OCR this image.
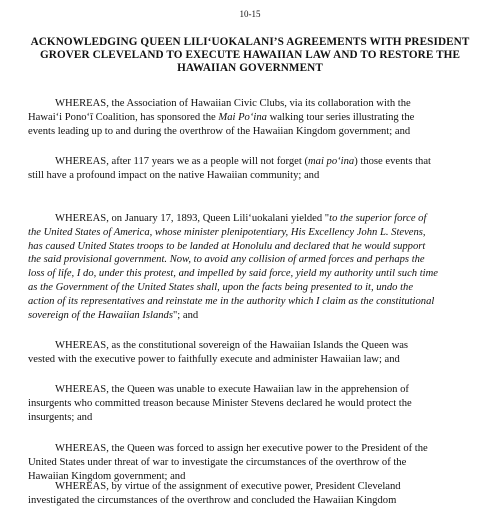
10-15
ACKNOWLEDGING QUEEN LILI‘UOKALANI’S AGREEMENTS WITH PRESIDENT
GROVER CLEVELAND TO EXECUTE HAWAIIAN LAW AND TO RESTORE THE
HAWAIIAN GOVERNMENT
WHEREAS, the Association of Hawaiian Civic Clubs, via its collaboration with the
Hawai‘i Pono‘ī Coalition, has sponsored the Mai Po‘ina walking tour series illustrating the
events leading up to and during the overthrow of the Hawaiian Kingdom government; and
WHEREAS, after 117 years we as a people will not forget (mai po‘ina) those events that
still have a profound impact on the native Hawaiian community; and
WHEREAS, on January 17, 1893, Queen Lili‘uokalani yielded "to the superior force of
the United States of America, whose minister plenipotentiary, His Excellency John L. Stevens,
has caused United States troops to be landed at Honolulu and declared that he would support
the said provisional government. Now, to avoid any collision of armed forces and perhaps the
loss of life, I do, under this protest, and impelled by said force, yield my authority until such time
as the Government of the United States shall, upon the facts being presented to it, undo the
action of its representatives and reinstate me in the authority which I claim as the constitutional
sovereign of the Hawaiian Islands"; and
WHEREAS, as the constitutional sovereign of the Hawaiian Islands the Queen was
vested with the executive power to faithfully execute and administer Hawaiian law; and
WHEREAS, the Queen was unable to execute Hawaiian law in the apprehension of
insurgents who committed treason because Minister Stevens declared he would protect the
insurgents; and
WHEREAS, the Queen was forced to assign her executive power to the President of the
United States under threat of war to investigate the circumstances of the overthrow of the
Hawaiian Kingdom government; and
WHEREAS, by virtue of the assignment of executive power, President Cleveland
investigated the circumstances of the overthrow and concluded the Hawaiian Kingdom
